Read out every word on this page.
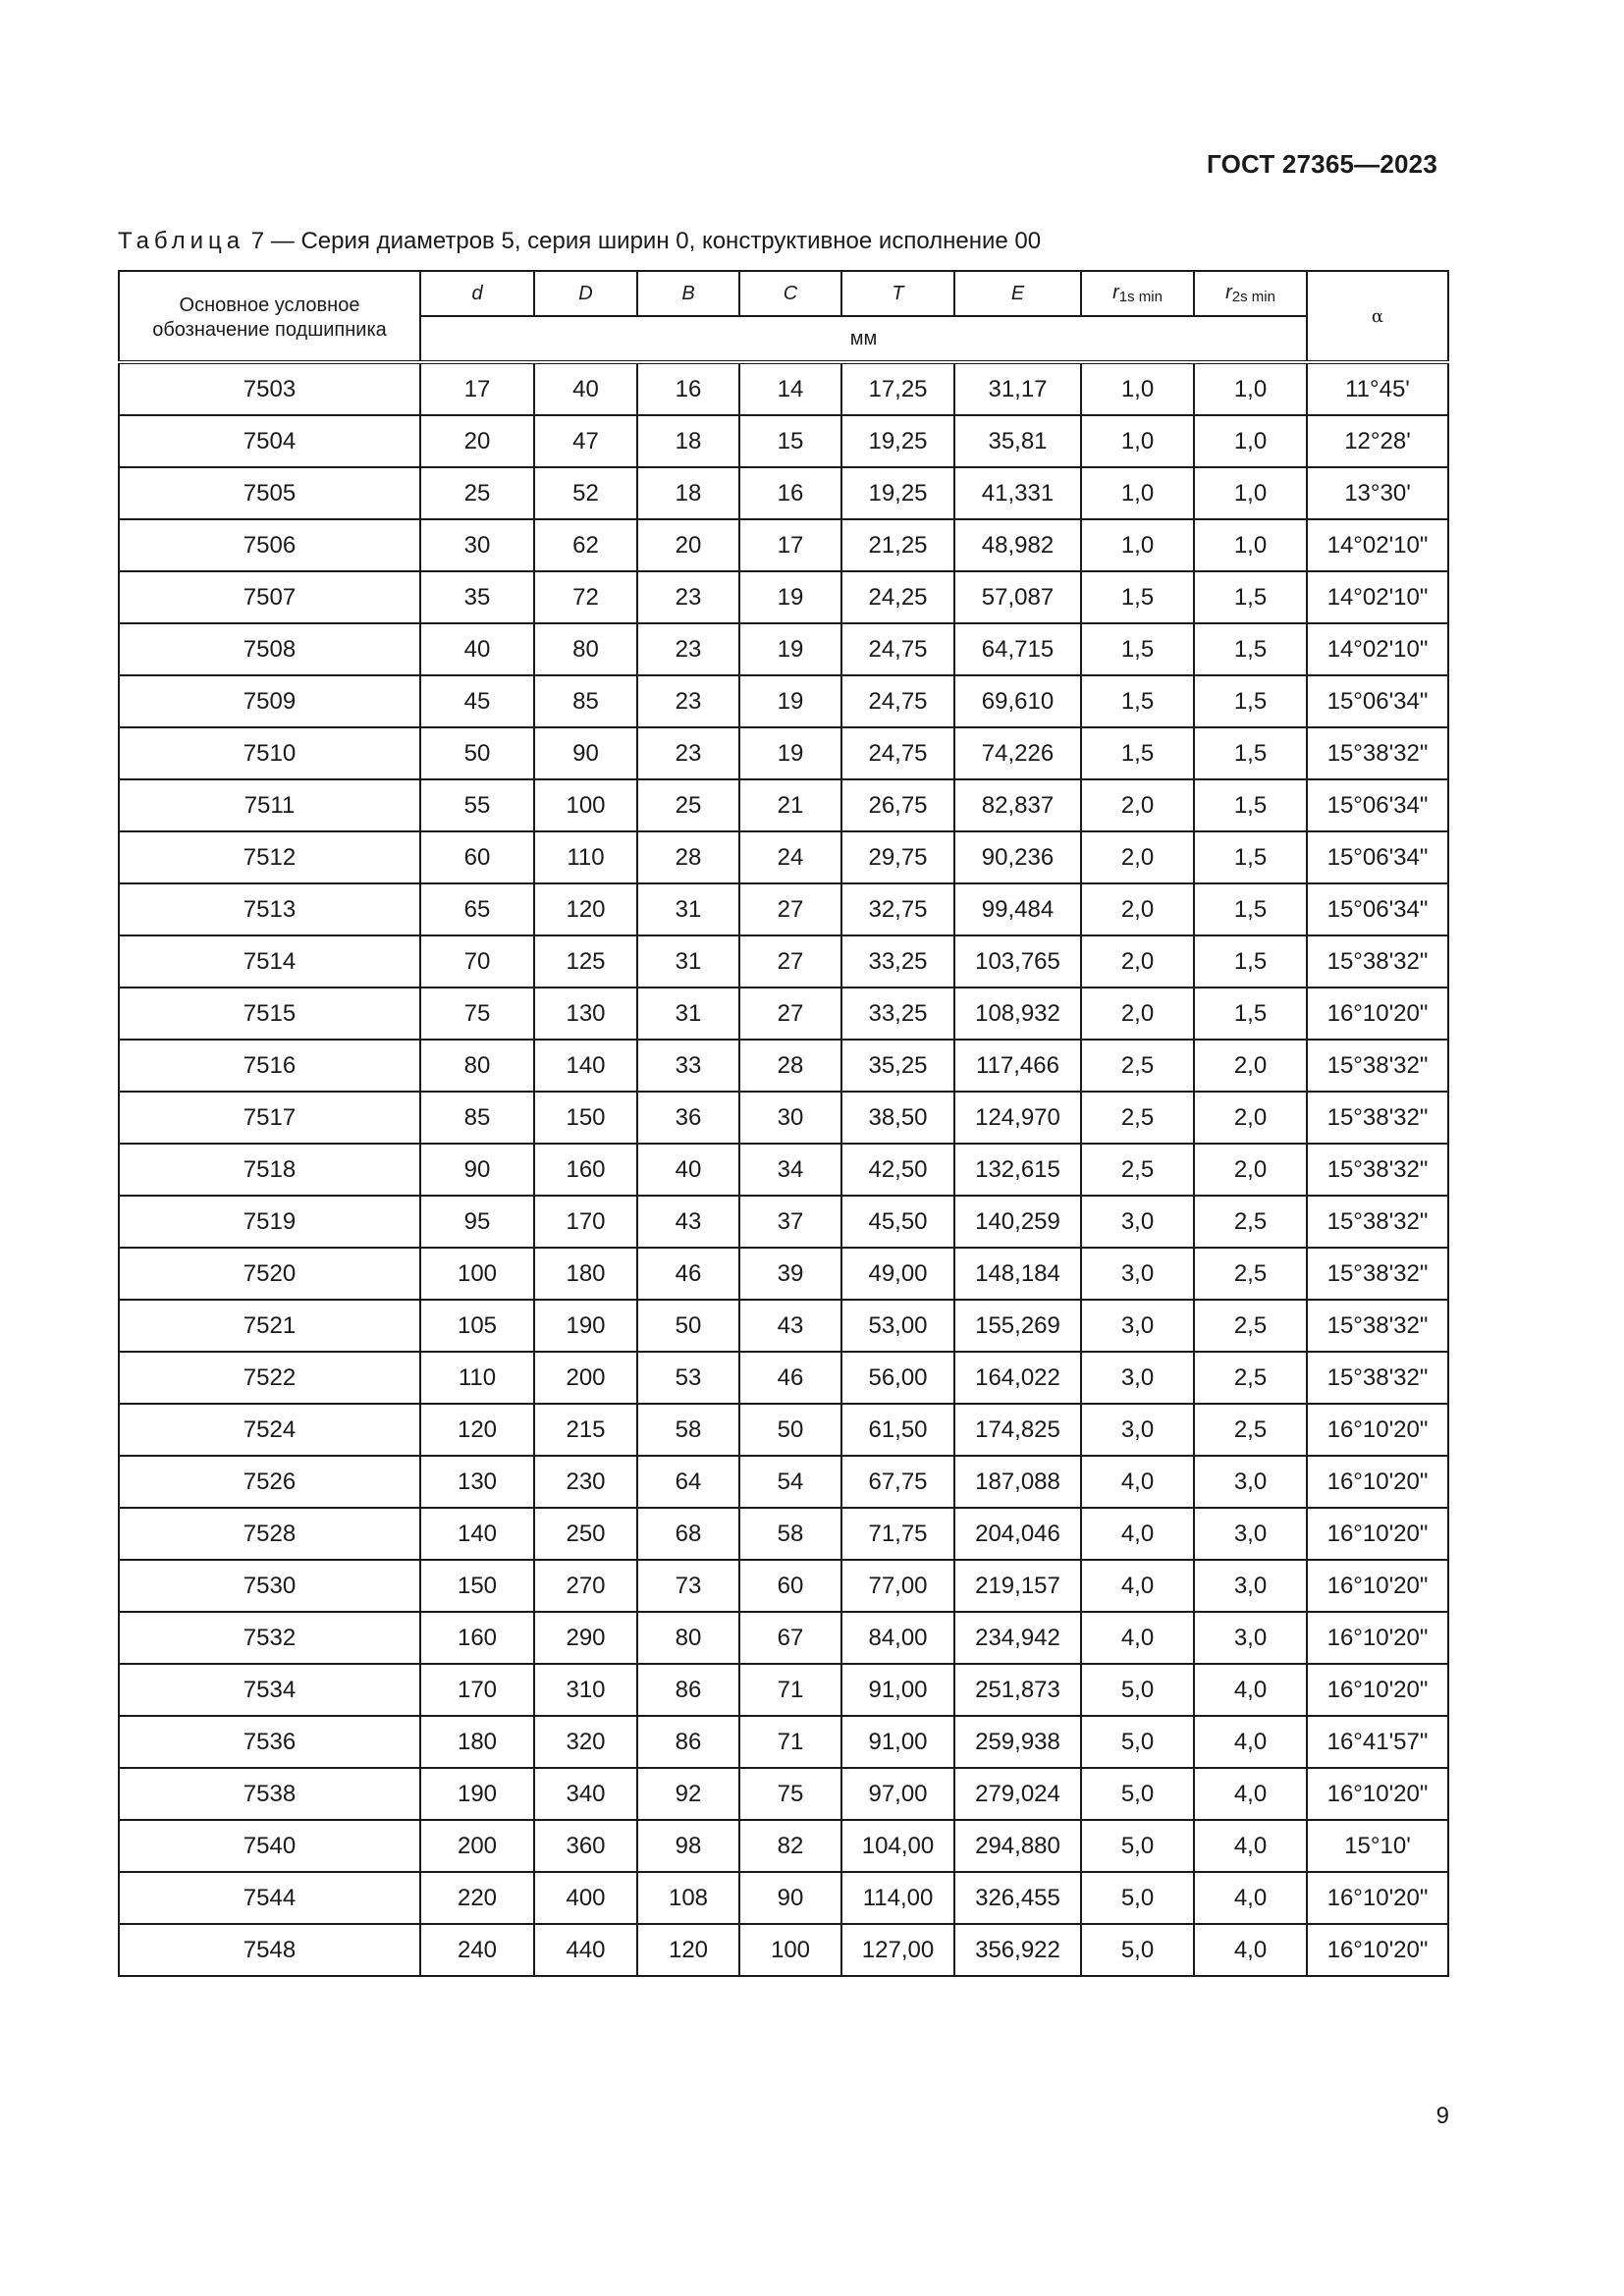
ГОСТ 27365—2023
Таблица 7 — Серия диаметров 5, серия ширин 0, конструктивное исполнение 00
Основное условное обозначение подшипника	d	D	B	C	T	E	$r_{1s min}$	$r_{2s min}$	α
	мм								
7503	17	40	16	14	17,25	31,17	1,0	1,0	11°45'
7504	20	47	18	15	19,25	35,81	1,0	1,0	12°28'
7505	25	52	18	16	19,25	41,331	1,0	1,0	13°30'
7506	30	62	20	17	21,25	48,982	1,0	1,0	14°02'10"
7507	35	72	23	19	24,25	57,087	1,5	1,5	14°02'10"
7508	40	80	23	19	24,75	64,715	1,5	1,5	14°02'10"
7509	45	85	23	19	24,75	69,610	1,5	1,5	15°06'34"
7510	50	90	23	19	24,75	74,226	1,5	1,5	15°38'32"
7511	55	100	25	21	26,75	82,837	2,0	1,5	15°06'34"
7512	60	110	28	24	29,75	90,236	2,0	1,5	15°06'34"
7513	65	120	31	27	32,75	99,484	2,0	1,5	15°06'34"
7514	70	125	31	27	33,25	103,765	2,0	1,5	15°38'32"
7515	75	130	31	27	33,25	108,932	2,0	1,5	16°10'20"
7516	80	140	33	28	35,25	117,466	2,5	2,0	15°38'32"
7517	85	150	36	30	38,50	124,970	2,5	2,0	15°38'32"
7518	90	160	40	34	42,50	132,615	2,5	2,0	15°38'32"
7519	95	170	43	37	45,50	140,259	3,0	2,5	15°38'32"
7520	100	180	46	39	49,00	148,184	3,0	2,5	15°38'32"
7521	105	190	50	43	53,00	155,269	3,0	2,5	15°38'32"
7522	110	200	53	46	56,00	164,022	3,0	2,5	15°38'32"
7524	120	215	58	50	61,50	174,825	3,0	2,5	16°10'20"
7526	130	230	64	54	67,75	187,088	4,0	3,0	16°10'20"
7528	140	250	68	58	71,75	204,046	4,0	3,0	16°10'20"
7530	150	270	73	60	77,00	219,157	4,0	3,0	16°10'20"
7532	160	290	80	67	84,00	234,942	4,0	3,0	16°10'20"
7534	170	310	86	71	91,00	251,873	5,0	4,0	16°10'20"
7536	180	320	86	71	91,00	259,938	5,0	4,0	16°41'57"
7538	190	340	92	75	97,00	279,024	5,0	4,0	16°10'20"
7540	200	360	98	82	104,00	294,880	5,0	4,0	15°10'
7544	220	400	108	90	114,00	326,455	5,0	4,0	16°10'20"
7548	240	440	120	100	127,00	356,922	5,0	4,0	16°10'20"
9
